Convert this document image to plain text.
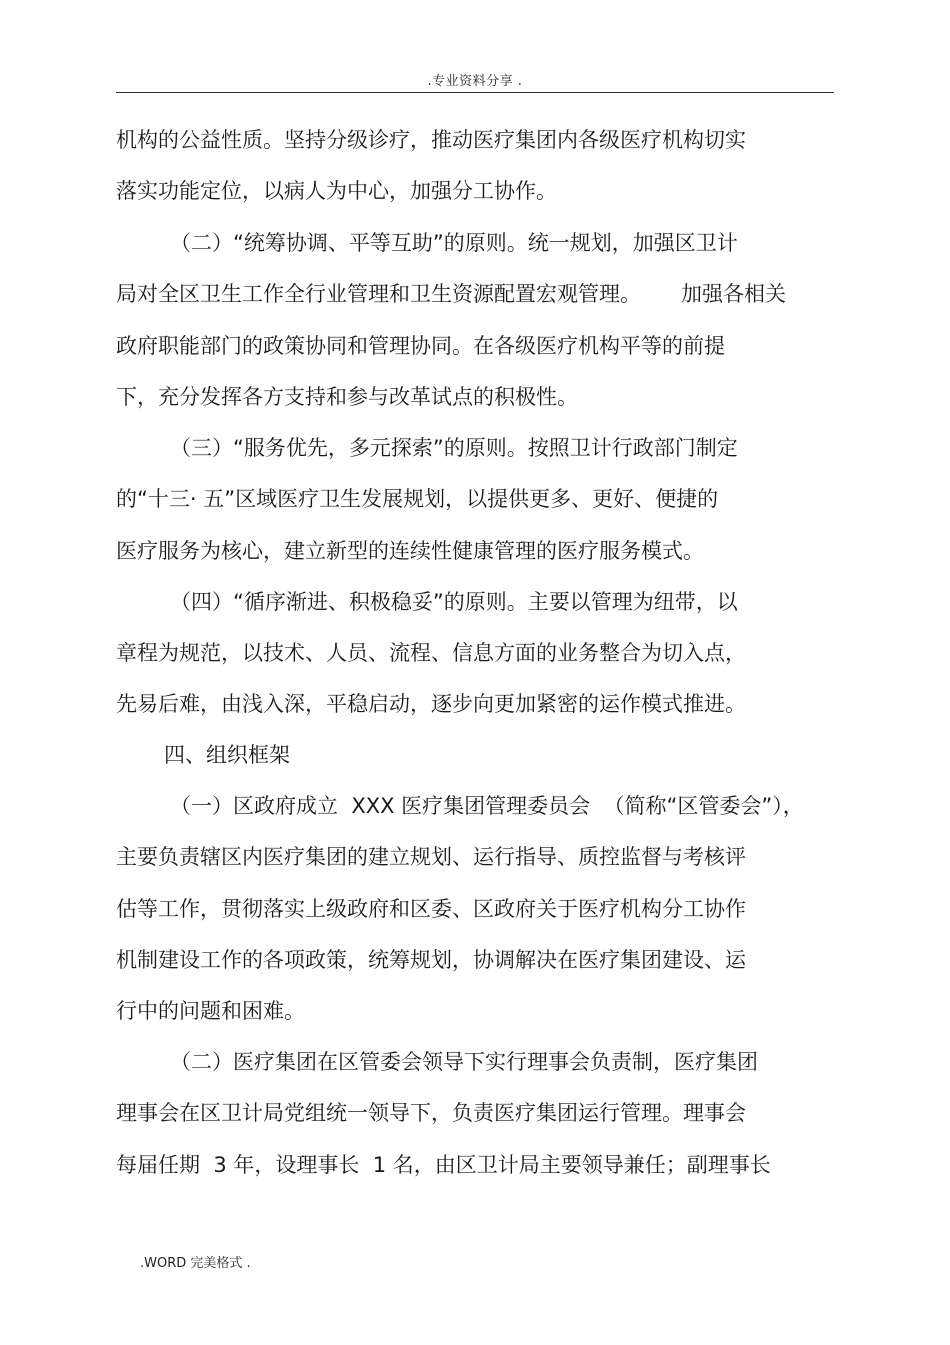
.专业资料分享 .
机构的公益性质。坚持分级诊疗，推动医疗集团内各级医疗机构切实
落实功能定位，以病人为中心，加强分工协作。
（二）“统筹协调、平等互助”的原则。统一规划，加强区卫计
局对全区卫生工作全行业管理和卫生资源配置宏观管理。      加强各相关
政府职能部门的政策协同和管理协同。在各级医疗机构平等的前提
下，充分发挥各方支持和参与改革试点的积极性。
（三）“服务优先，多元探索”的原则。按照卫计行政部门制定
的“十三· 五”区域医疗卫生发展规划，以提供更多、更好、便捷的
医疗服务为核心，建立新型的连续性健康管理的医疗服务模式。
（四）“循序渐进、积极稳妥”的原则。主要以管理为纽带，以
章程为规范，以技术、人员、流程、信息方面的业务整合为切入点，
先易后难，由浅入深，平稳启动，逐步向更加紧密的运作模式推进。
四、组织框架
（一）区政府成立  XXX 医疗集团管理委员会  （简称“区管委会”），
主要负责辖区内医疗集团的建立规划、运行指导、质控监督与考核评
估等工作，贯彻落实上级政府和区委、区政府关于医疗机构分工协作
机制建设工作的各项政策，统筹规划，协调解决在医疗集团建设、运
行中的问题和困难。
（二）医疗集团在区管委会领导下实行理事会负责制，医疗集团
理事会在区卫计局党组统一领导下，负责医疗集团运行管理。理事会
每届任期  3 年，设理事长  1 名，由区卫计局主要领导兼任；副理事长
.WORD 完美格式 .
